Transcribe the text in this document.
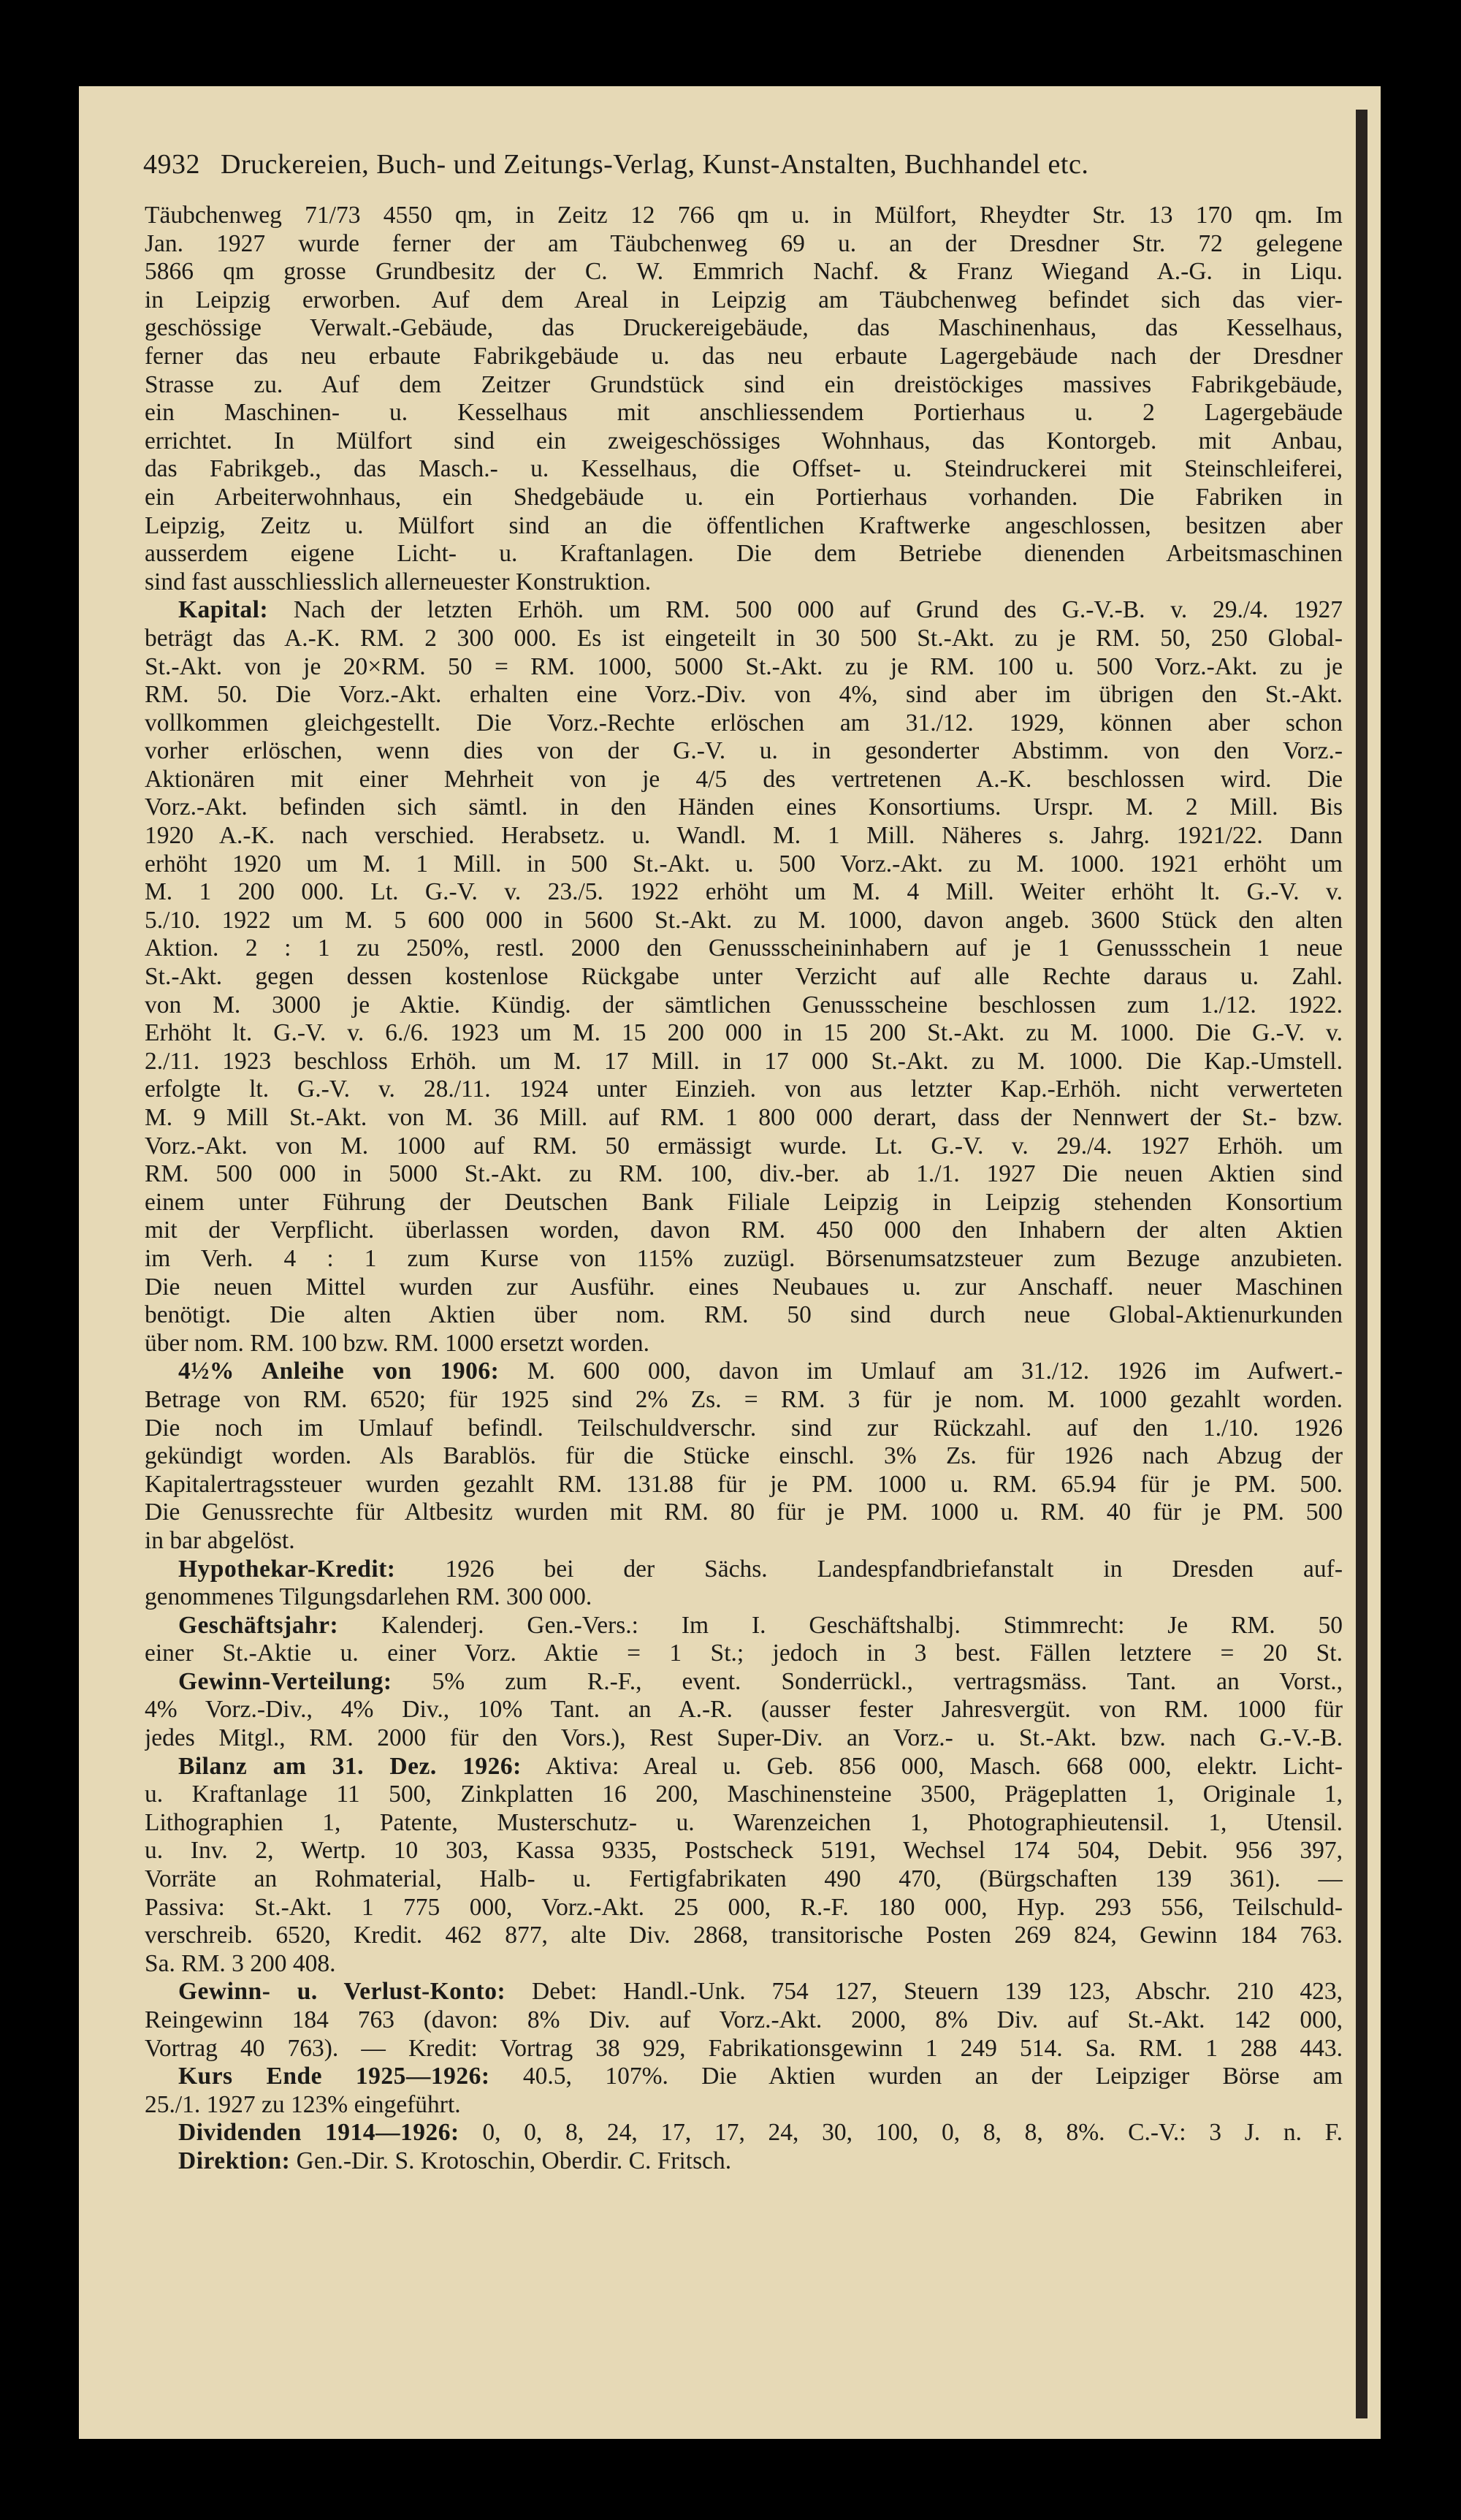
4932 Druckereien, Buch- und Zeitungs-Verlag, Kunst-Anstalten, Buchhandel etc.
Täubchenweg 71/73 4550 qm, in Zeitz 12 766 qm u. in Mülfort, Rheydter Str. 13 170 qm. Im
Jan. 1927 wurde ferner der am Täubchenweg 69 u. an der Dresdner Str. 72 gelegene
5866 qm grosse Grundbesitz der C. W. Emmrich Nachf. & Franz Wiegand A.-G. in Liqu.
in Leipzig erworben. Auf dem Areal in Leipzig am Täubchenweg befindet sich das vier-
geschössige Verwalt.-Gebäude, das Druckereigebäude, das Maschinenhaus, das Kesselhaus,
ferner das neu erbaute Fabrikgebäude u. das neu erbaute Lagergebäude nach der Dresdner
Strasse zu. Auf dem Zeitzer Grundstück sind ein dreistöckiges massives Fabrikgebäude,
ein Maschinen- u. Kesselhaus mit anschliessendem Portierhaus u. 2 Lagergebäude
errichtet. In Mülfort sind ein zweigeschössiges Wohnhaus, das Kontorgeb. mit Anbau,
das Fabrikgeb., das Masch.- u. Kesselhaus, die Offset- u. Steindruckerei mit Steinschleiferei,
ein Arbeiterwohnhaus, ein Shedgebäude u. ein Portierhaus vorhanden. Die Fabriken in
Leipzig, Zeitz u. Mülfort sind an die öffentlichen Kraftwerke angeschlossen, besitzen aber
ausserdem eigene Licht- u. Kraftanlagen. Die dem Betriebe dienenden Arbeitsmaschinen
sind fast ausschliesslich allerneuester Konstruktion.
Kapital: Nach der letzten Erhöh. um RM. 500 000 auf Grund des G.-V.-B. v. 29./4. 1927
beträgt das A.-K. RM. 2 300 000. Es ist eingeteilt in 30 500 St.-Akt. zu je RM. 50, 250 Global-
St.-Akt. von je 20×RM. 50 = RM. 1000, 5000 St.-Akt. zu je RM. 100 u. 500 Vorz.-Akt. zu je
RM. 50. Die Vorz.-Akt. erhalten eine Vorz.-Div. von 4%, sind aber im übrigen den St.-Akt.
vollkommen gleichgestellt. Die Vorz.-Rechte erlöschen am 31./12. 1929, können aber schon
vorher erlöschen, wenn dies von der G.-V. u. in gesonderter Abstimm. von den Vorz.-
Aktionären mit einer Mehrheit von je 4/5 des vertretenen A.-K. beschlossen wird. Die
Vorz.-Akt. befinden sich sämtl. in den Händen eines Konsortiums. Urspr. M. 2 Mill. Bis
1920 A.-K. nach verschied. Herabsetz. u. Wandl. M. 1 Mill. Näheres s. Jahrg. 1921/22. Dann
erhöht 1920 um M. 1 Mill. in 500 St.-Akt. u. 500 Vorz.-Akt. zu M. 1000. 1921 erhöht um
M. 1 200 000. Lt. G.-V. v. 23./5. 1922 erhöht um M. 4 Mill. Weiter erhöht lt. G.-V. v.
5./10. 1922 um M. 5 600 000 in 5600 St.-Akt. zu M. 1000, davon angeb. 3600 Stück den alten
Aktion. 2 : 1 zu 250%, restl. 2000 den Genussscheininhabern auf je 1 Genussschein 1 neue
St.-Akt. gegen dessen kostenlose Rückgabe unter Verzicht auf alle Rechte daraus u. Zahl.
von M. 3000 je Aktie. Kündig. der sämtlichen Genussscheine beschlossen zum 1./12. 1922.
Erhöht lt. G.-V. v. 6./6. 1923 um M. 15 200 000 in 15 200 St.-Akt. zu M. 1000. Die G.-V. v.
2./11. 1923 beschloss Erhöh. um M. 17 Mill. in 17 000 St.-Akt. zu M. 1000. Die Kap.-Umstell.
erfolgte lt. G.-V. v. 28./11. 1924 unter Einzieh. von aus letzter Kap.-Erhöh. nicht verwerteten
M. 9 Mill St.-Akt. von M. 36 Mill. auf RM. 1 800 000 derart, dass der Nennwert der St.- bzw.
Vorz.-Akt. von M. 1000 auf RM. 50 ermässigt wurde. Lt. G.-V. v. 29./4. 1927 Erhöh. um
RM. 500 000 in 5000 St.-Akt. zu RM. 100, div.-ber. ab 1./1. 1927 Die neuen Aktien sind
einem unter Führung der Deutschen Bank Filiale Leipzig in Leipzig stehenden Konsortium
mit der Verpflicht. überlassen worden, davon RM. 450 000 den Inhabern der alten Aktien
im Verh. 4 : 1 zum Kurse von 115% zuzügl. Börsenumsatzsteuer zum Bezuge anzubieten.
Die neuen Mittel wurden zur Ausführ. eines Neubaues u. zur Anschaff. neuer Maschinen
benötigt. Die alten Aktien über nom. RM. 50 sind durch neue Global-Aktienurkunden
über nom. RM. 100 bzw. RM. 1000 ersetzt worden.
4½% Anleihe von 1906: M. 600 000, davon im Umlauf am 31./12. 1926 im Aufwert.-
Betrage von RM. 6520; für 1925 sind 2% Zs. = RM. 3 für je nom. M. 1000 gezahlt worden.
Die noch im Umlauf befindl. Teilschuldverschr. sind zur Rückzahl. auf den 1./10. 1926
gekündigt worden. Als Barablös. für die Stücke einschl. 3% Zs. für 1926 nach Abzug der
Kapitalertragssteuer wurden gezahlt RM. 131.88 für je PM. 1000 u. RM. 65.94 für je PM. 500.
Die Genussrechte für Altbesitz wurden mit RM. 80 für je PM. 1000 u. RM. 40 für je PM. 500
in bar abgelöst.
Hypothekar-Kredit: 1926 bei der Sächs. Landespfandbriefanstalt in Dresden auf-
genommenes Tilgungsdarlehen RM. 300 000.
Geschäftsjahr: Kalenderj. Gen.-Vers.: Im I. Geschäftshalbj. Stimmrecht: Je RM. 50
einer St.-Aktie u. einer Vorz. Aktie = 1 St.; jedoch in 3 best. Fällen letztere = 20 St.
Gewinn-Verteilung: 5% zum R.-F., event. Sonderrückl., vertragsmäss. Tant. an Vorst.,
4% Vorz.-Div., 4% Div., 10% Tant. an A.-R. (ausser fester Jahresvergüt. von RM. 1000 für
jedes Mitgl., RM. 2000 für den Vors.), Rest Super-Div. an Vorz.- u. St.-Akt. bzw. nach G.-V.-B.
Bilanz am 31. Dez. 1926: Aktiva: Areal u. Geb. 856 000, Masch. 668 000, elektr. Licht-
u. Kraftanlage 11 500, Zinkplatten 16 200, Maschinensteine 3500, Prägeplatten 1, Originale 1,
Lithographien 1, Patente, Musterschutz- u. Warenzeichen 1, Photographieutensil. 1, Utensil.
u. Inv. 2, Wertp. 10 303, Kassa 9335, Postscheck 5191, Wechsel 174 504, Debit. 956 397,
Vorräte an Rohmaterial, Halb- u. Fertigfabrikaten 490 470, (Bürgschaften 139 361). —
Passiva: St.-Akt. 1 775 000, Vorz.-Akt. 25 000, R.-F. 180 000, Hyp. 293 556, Teilschuld-
verschreib. 6520, Kredit. 462 877, alte Div. 2868, transitorische Posten 269 824, Gewinn 184 763.
Sa. RM. 3 200 408.
Gewinn- u. Verlust-Konto: Debet: Handl.-Unk. 754 127, Steuern 139 123, Abschr. 210 423,
Reingewinn 184 763 (davon: 8% Div. auf Vorz.-Akt. 2000, 8% Div. auf St.-Akt. 142 000,
Vortrag 40 763). — Kredit: Vortrag 38 929, Fabrikationsgewinn 1 249 514. Sa. RM. 1 288 443.
Kurs Ende 1925—1926: 40.5, 107%. Die Aktien wurden an der Leipziger Börse am
25./1. 1927 zu 123% eingeführt.
Dividenden 1914—1926: 0, 0, 8, 24, 17, 17, 24, 30, 100, 0, 8, 8, 8%. C.-V.: 3 J. n. F.
Direktion: Gen.-Dir. S. Krotoschin, Oberdir. C. Fritsch.
